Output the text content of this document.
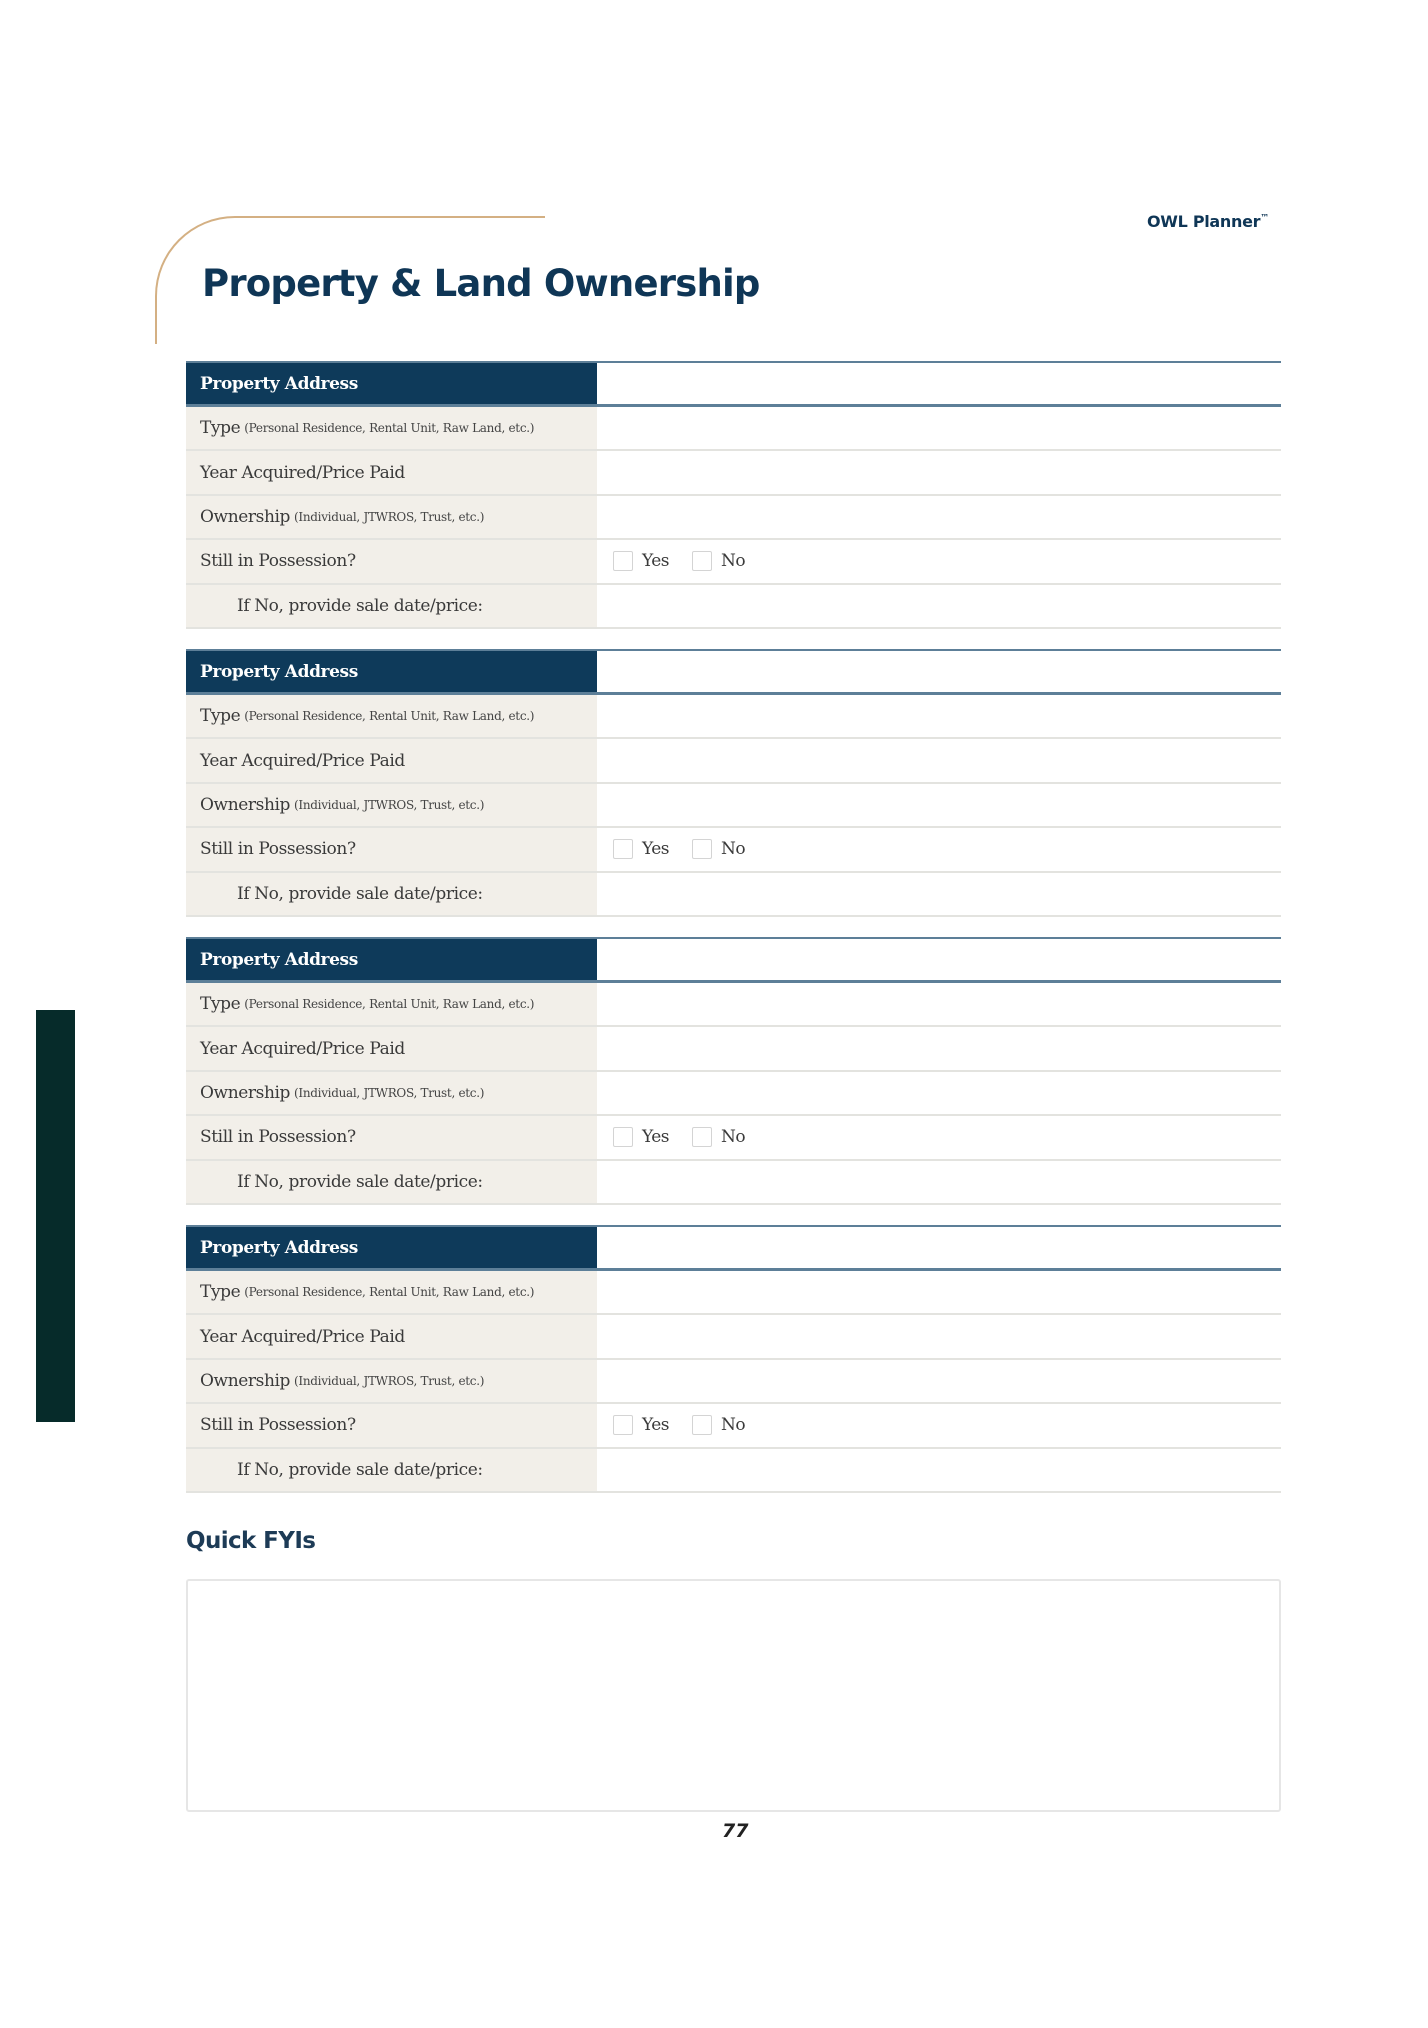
OWL Planner™
Property & Land Ownership
Property Address
Type (Personal Residence, Rental Unit, Raw Land, etc.)
Year Acquired/Price Paid
Ownership (Individual, JTWROS, Trust, etc.)
Still in Possession?	Yes	No
If No, provide sale date/price:
Property Address
Type (Personal Residence, Rental Unit, Raw Land, etc.)
Year Acquired/Price Paid
Ownership (Individual, JTWROS, Trust, etc.)
Still in Possession?	Yes	No
If No, provide sale date/price:
Property Address
Type (Personal Residence, Rental Unit, Raw Land, etc.)
Year Acquired/Price Paid
Ownership (Individual, JTWROS, Trust, etc.)
Still in Possession?	Yes	No
If No, provide sale date/price:
Property Address
Type (Personal Residence, Rental Unit, Raw Land, etc.)
Year Acquired/Price Paid
Ownership (Individual, JTWROS, Trust, etc.)
Still in Possession?	Yes	No
If No, provide sale date/price:
Quick FYIs
77
